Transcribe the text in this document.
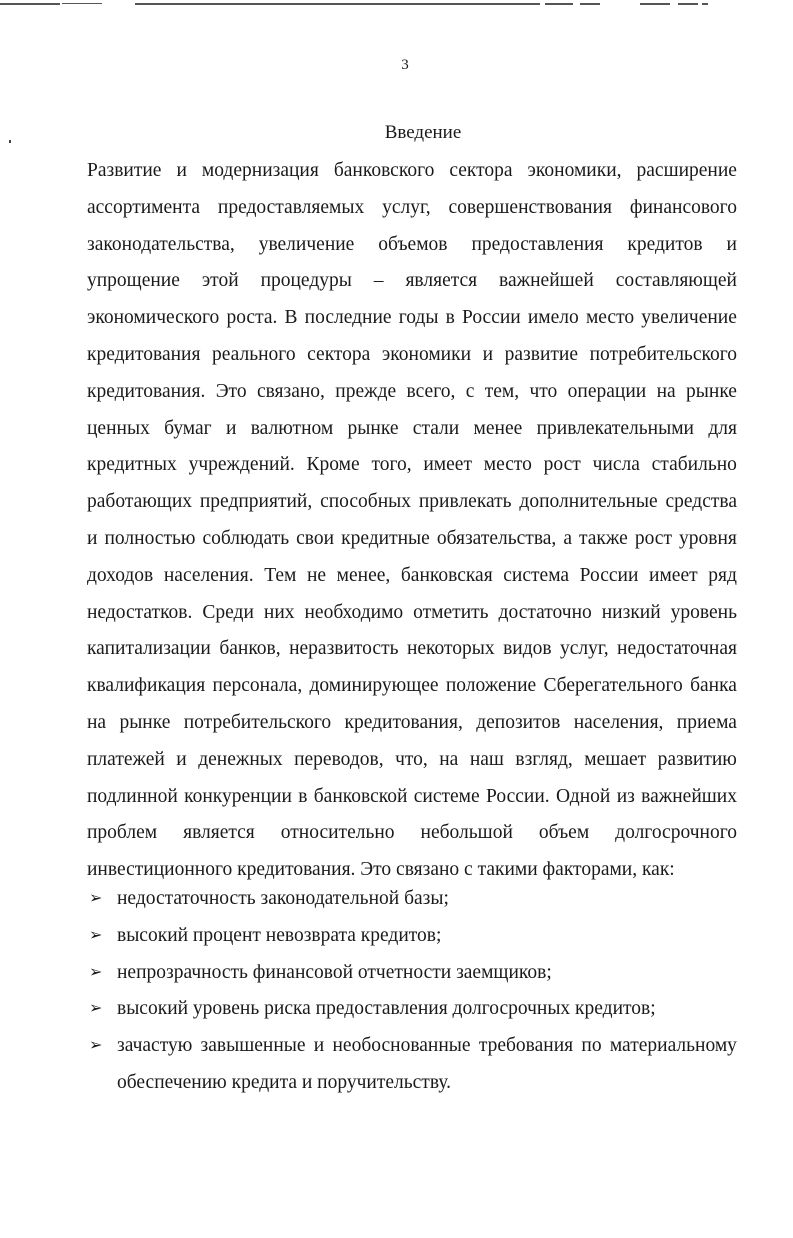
3
Введение
Развитие и модернизация банковского сектора экономики, расширение
ассортимента предоставляемых услуг, совершенствования финансового
законодательства, увеличение объемов предоставления кредитов и
упрощение этой процедуры – является важнейшей составляющей
экономического роста. В последние годы в России имело место увеличение
кредитования реального сектора экономики и развитие потребительского
кредитования. Это связано, прежде всего, с тем, что операции на рынке
ценных бумаг и валютном рынке стали менее привлекательными для
кредитных учреждений. Кроме того, имеет место рост числа стабильно
работающих предприятий, способных привлекать дополнительные средства
и полностью соблюдать свои кредитные обязательства, а также рост уровня
доходов населения. Тем не менее, банковская система России имеет ряд
недостатков. Среди них необходимо отметить достаточно низкий уровень
капитализации банков, неразвитость некоторых видов услуг, недостаточная
квалификация персонала, доминирующее положение Сберегательного банка
на рынке потребительского кредитования, депозитов населения, приема
платежей и денежных переводов, что, на наш взгляд, мешает развитию
подлинной конкуренции в банковской системе России. Одной из важнейших
проблем является относительно небольшой объем долгосрочного
инвестиционного кредитования. Это связано с такими факторами, как:
➢ недостаточность законодательной базы;
➢ высокий процент невозврата кредитов;
➢ непрозрачность финансовой отчетности заемщиков;
➢ высокий уровень риска предоставления долгосрочных кредитов;
➢ зачастую завышенные и необоснованные требования по материальному
обеспечению кредита и поручительству.
